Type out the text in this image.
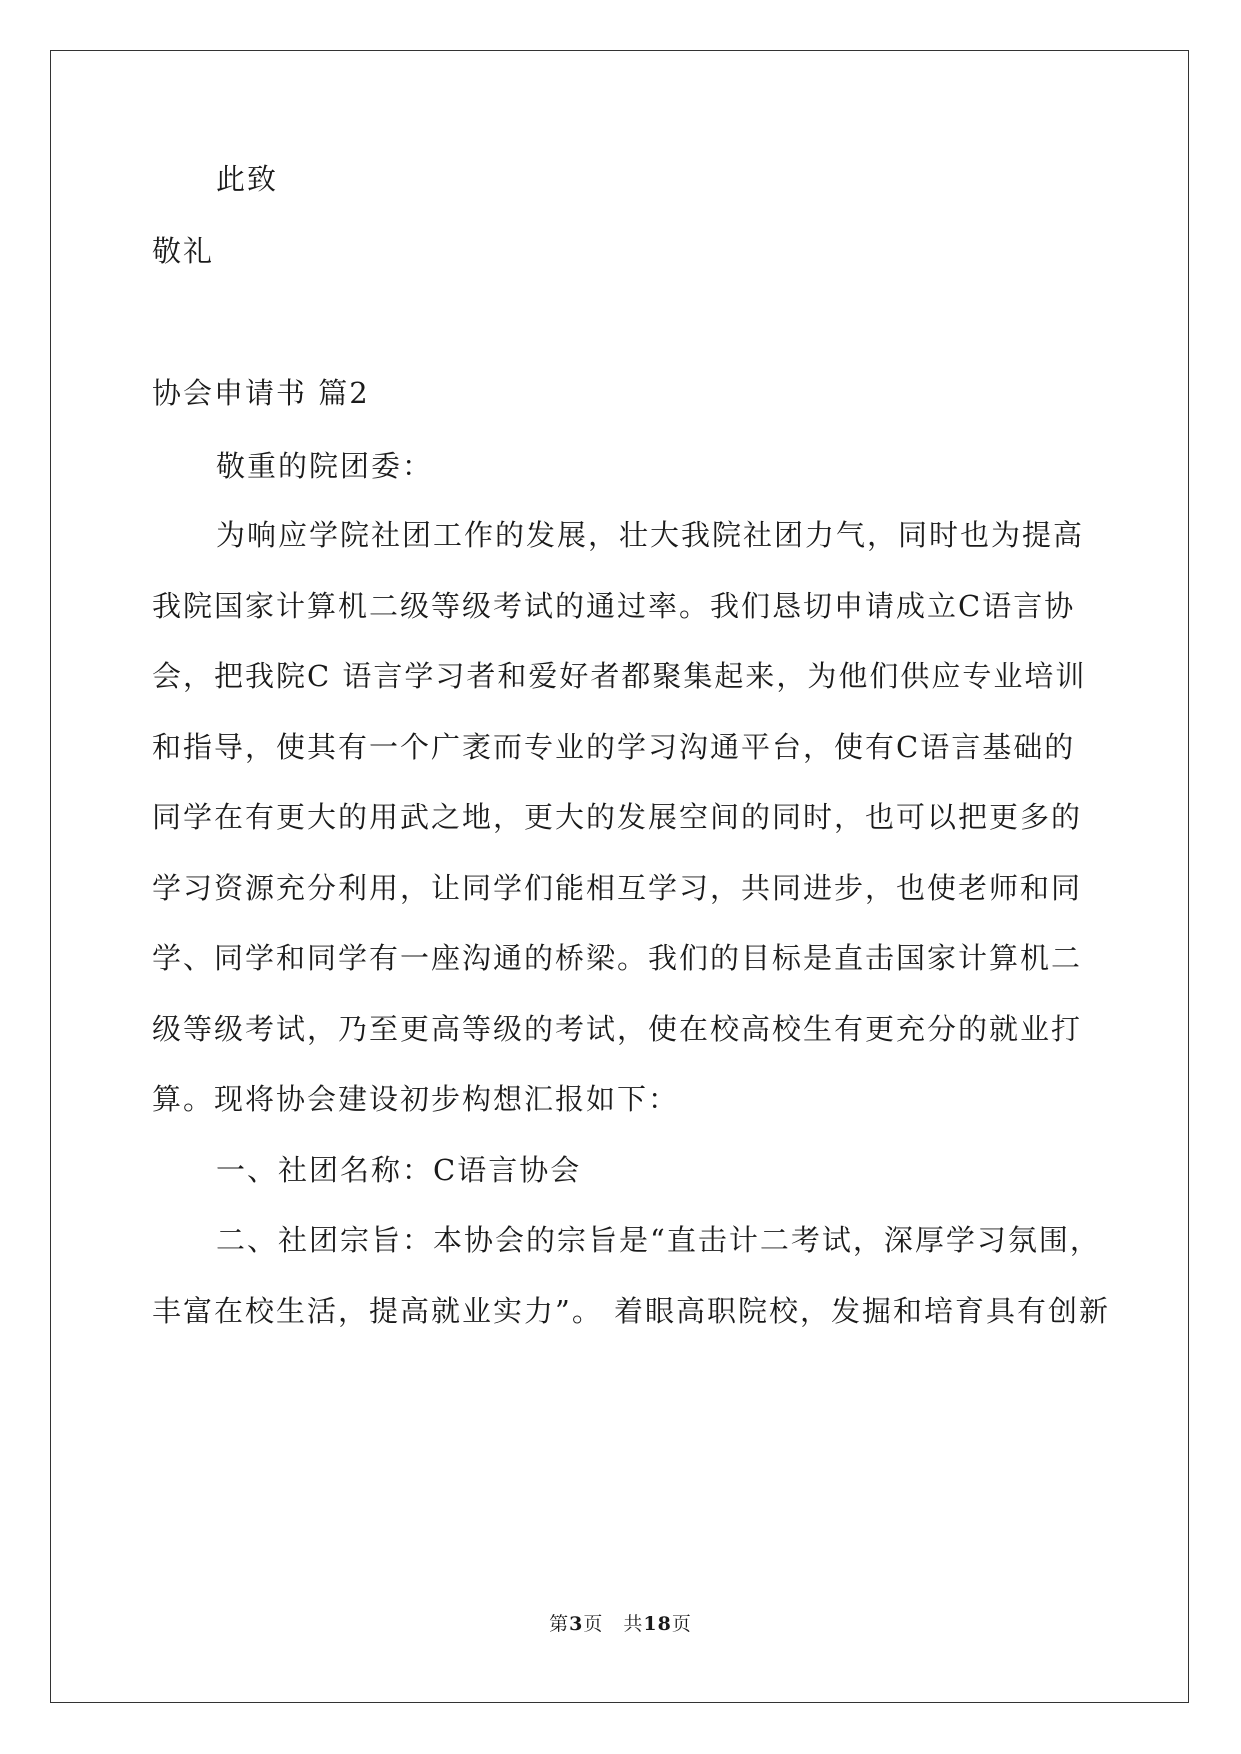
此致
敬礼
协会申请书 篇2
敬重的院团委：
为响应学院社团工作的发展，壮大我院社团力气，同时也为提高
我院国家计算机二级等级考试的通过率。我们恳切申请成立C语言协
会，把我院C 语言学习者和爱好者都聚集起来，为他们供应专业培训
和指导，使其有一个广袤而专业的学习沟通平台，使有C语言基础的
同学在有更大的用武之地，更大的发展空间的同时，也可以把更多的
学习资源充分利用，让同学们能相互学习，共同进步，也使老师和同
学、同学和同学有一座沟通的桥梁。我们的目标是直击国家计算机二
级等级考试，乃至更高等级的考试，使在校高校生有更充分的就业打
算。现将协会建设初步构想汇报如下：
一、社团名称：C语言协会
二、社团宗旨：本协会的宗旨是“直击计二考试，深厚学习氛围，
丰富在校生活，提高就业实力”。 着眼高职院校，发掘和培育具有创新
第3页　共18页
